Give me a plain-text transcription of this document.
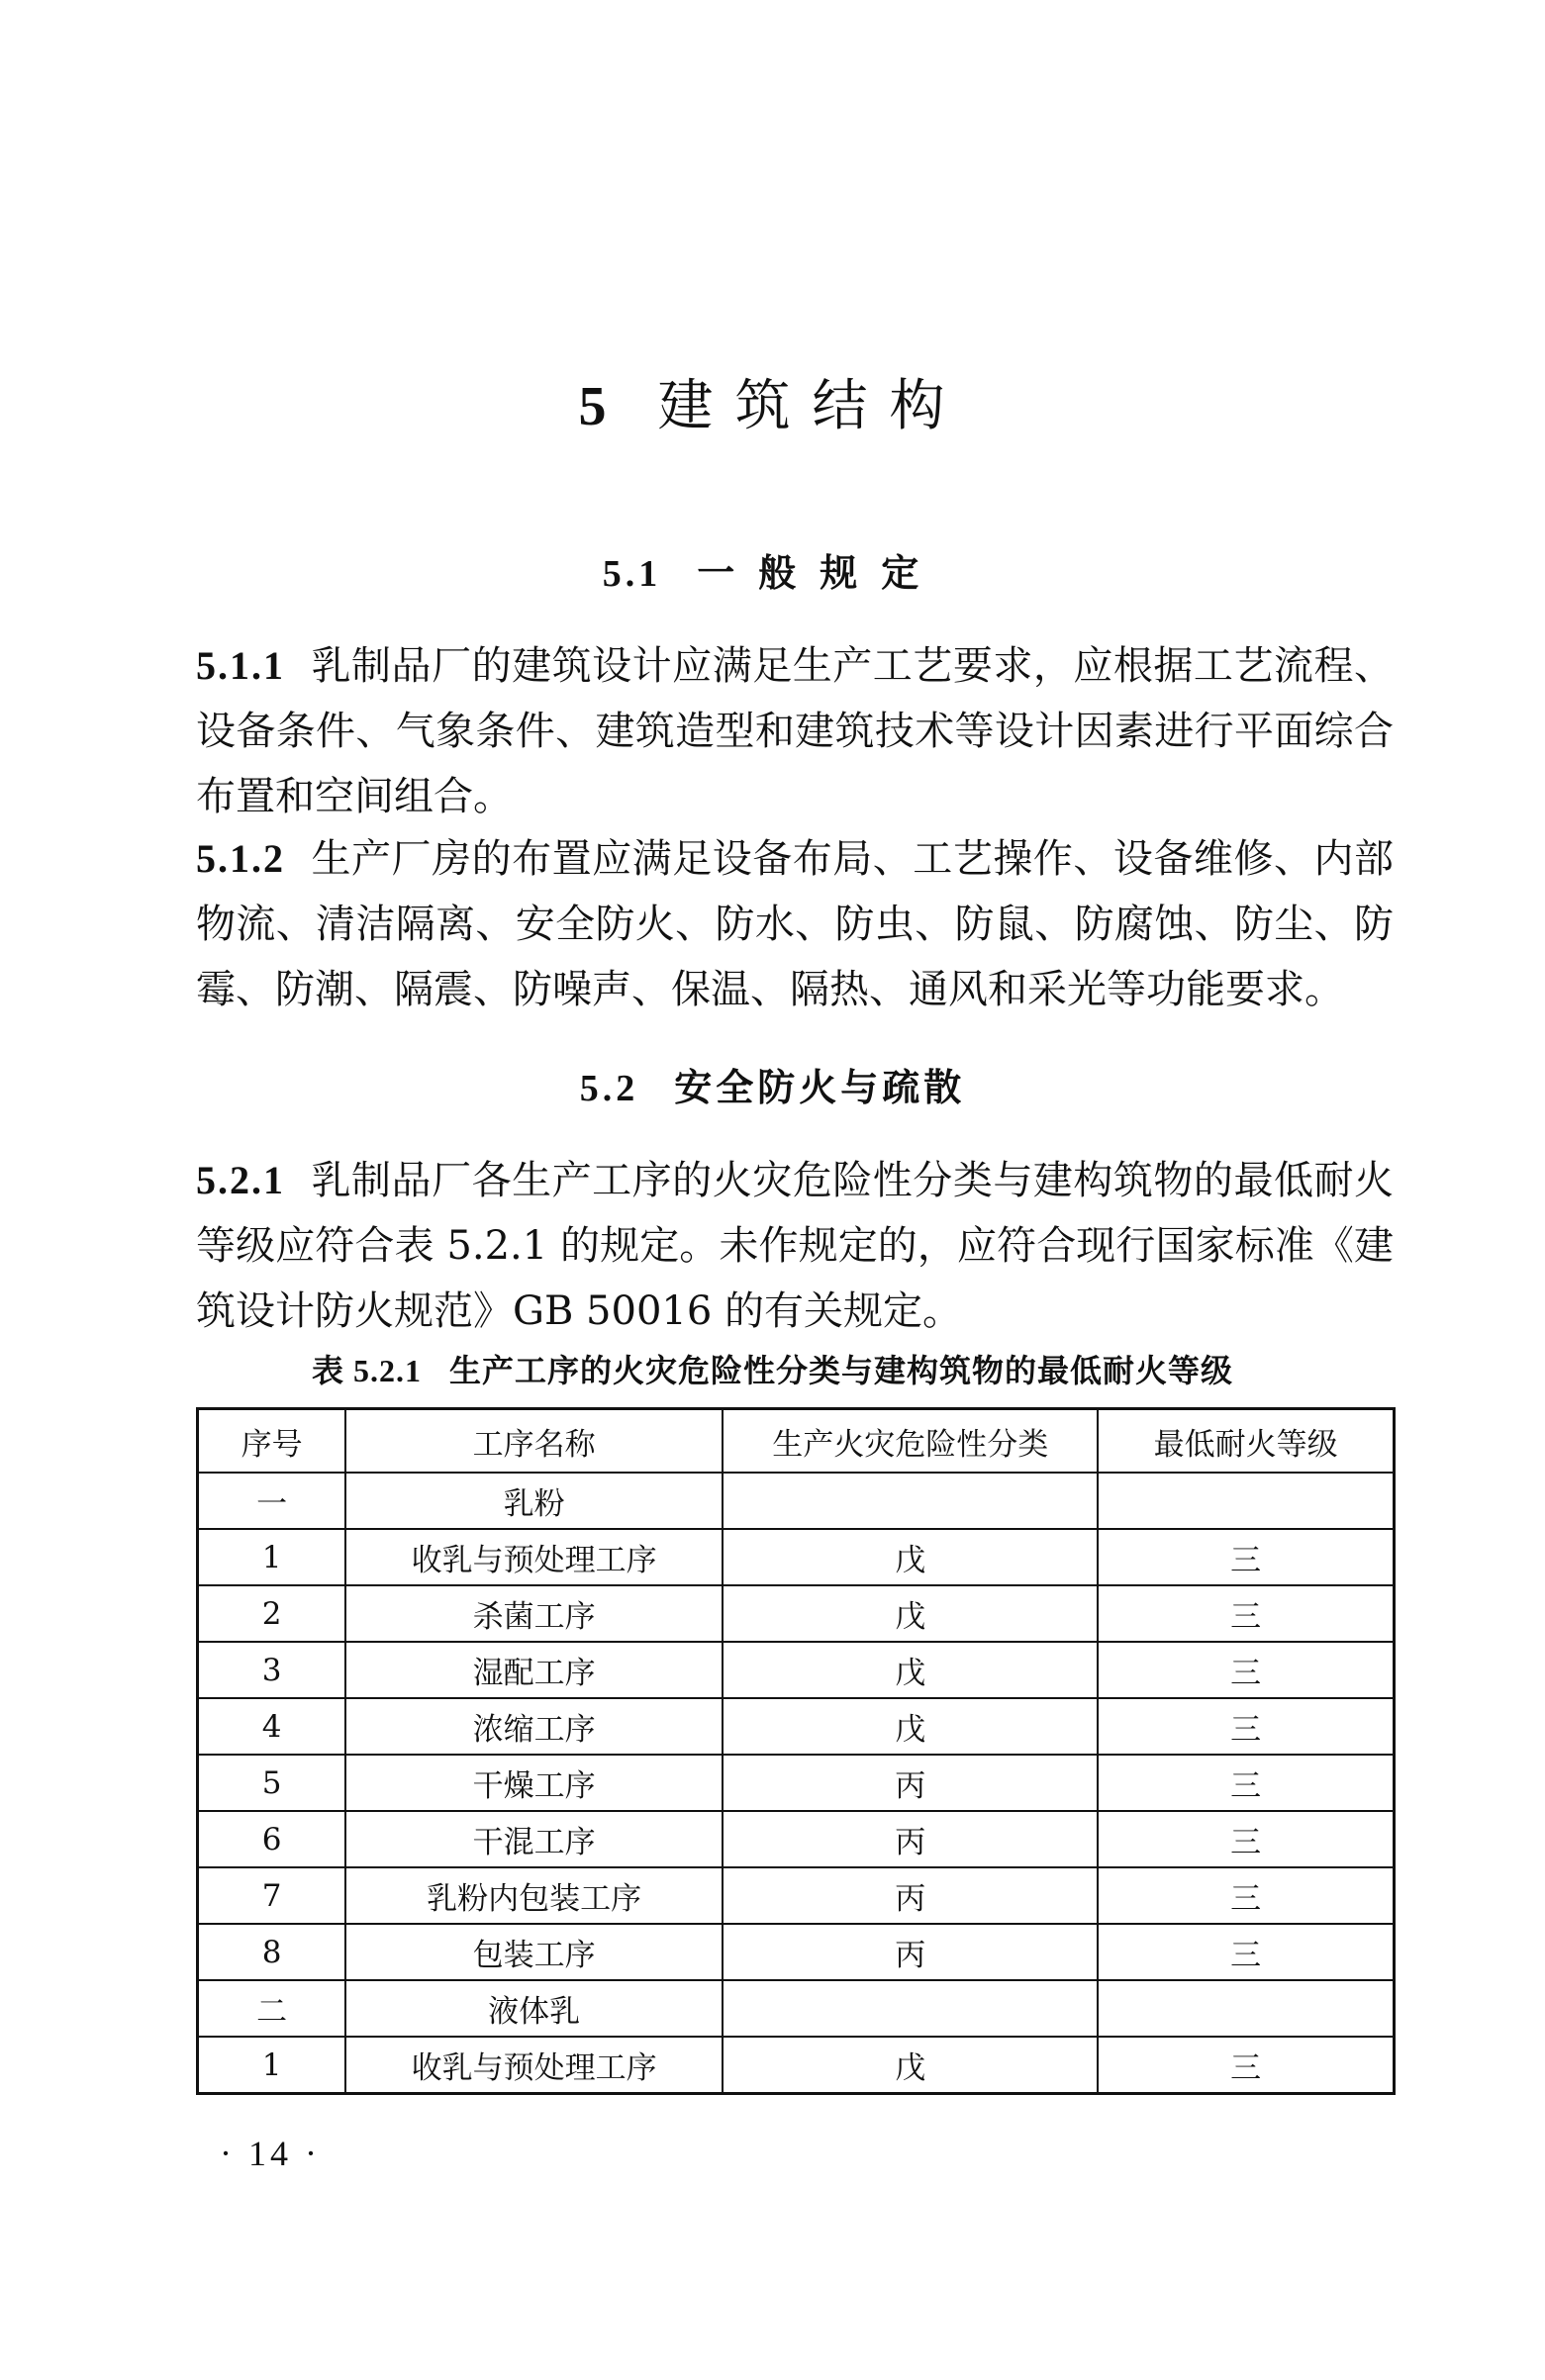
5 建筑结构
5.1 一般规定

5.1.1 乳制品厂的建筑设计应满足生产工艺要求，应根据工艺流程、设备条件、气象条件、建筑造型和建筑技术等设计因素进行平面综合布置和空间组合。

5.1.2 生产厂房的布置应满足设备布局、工艺操作、设备维修、内部物流、清洁隔离、安全防火、防水、防虫、防鼠、防腐蚀、防尘、防霉、防潮、隔震、防噪声、保温、隔热、通风和采光等功能要求。

5.2 安全防火与疏散

5.2.1 乳制品厂各生产工序的火灾危险性分类与建构筑物的最低耐火等级应符合表 5.2.1 的规定。未作规定的，应符合现行国家标准《建筑设计防火规范》GB 50016 的有关规定。

表 5.2.1 生产工序的火灾危险性分类与建构筑物的最低耐火等级
序号	工序名称	生产火灾危险性分类	最低耐火等级
一	乳粉		
1	收乳与预处理工序	戊	三
2	杀菌工序	戊	三
3	湿配工序	戊	三
4	浓缩工序	戊	三
5	干燥工序	丙	三
6	干混工序	丙	三
7	乳粉内包装工序	丙	三
8	包装工序	丙	三
二	液体乳		
1	收乳与预处理工序	戊	三
· 14 ·
